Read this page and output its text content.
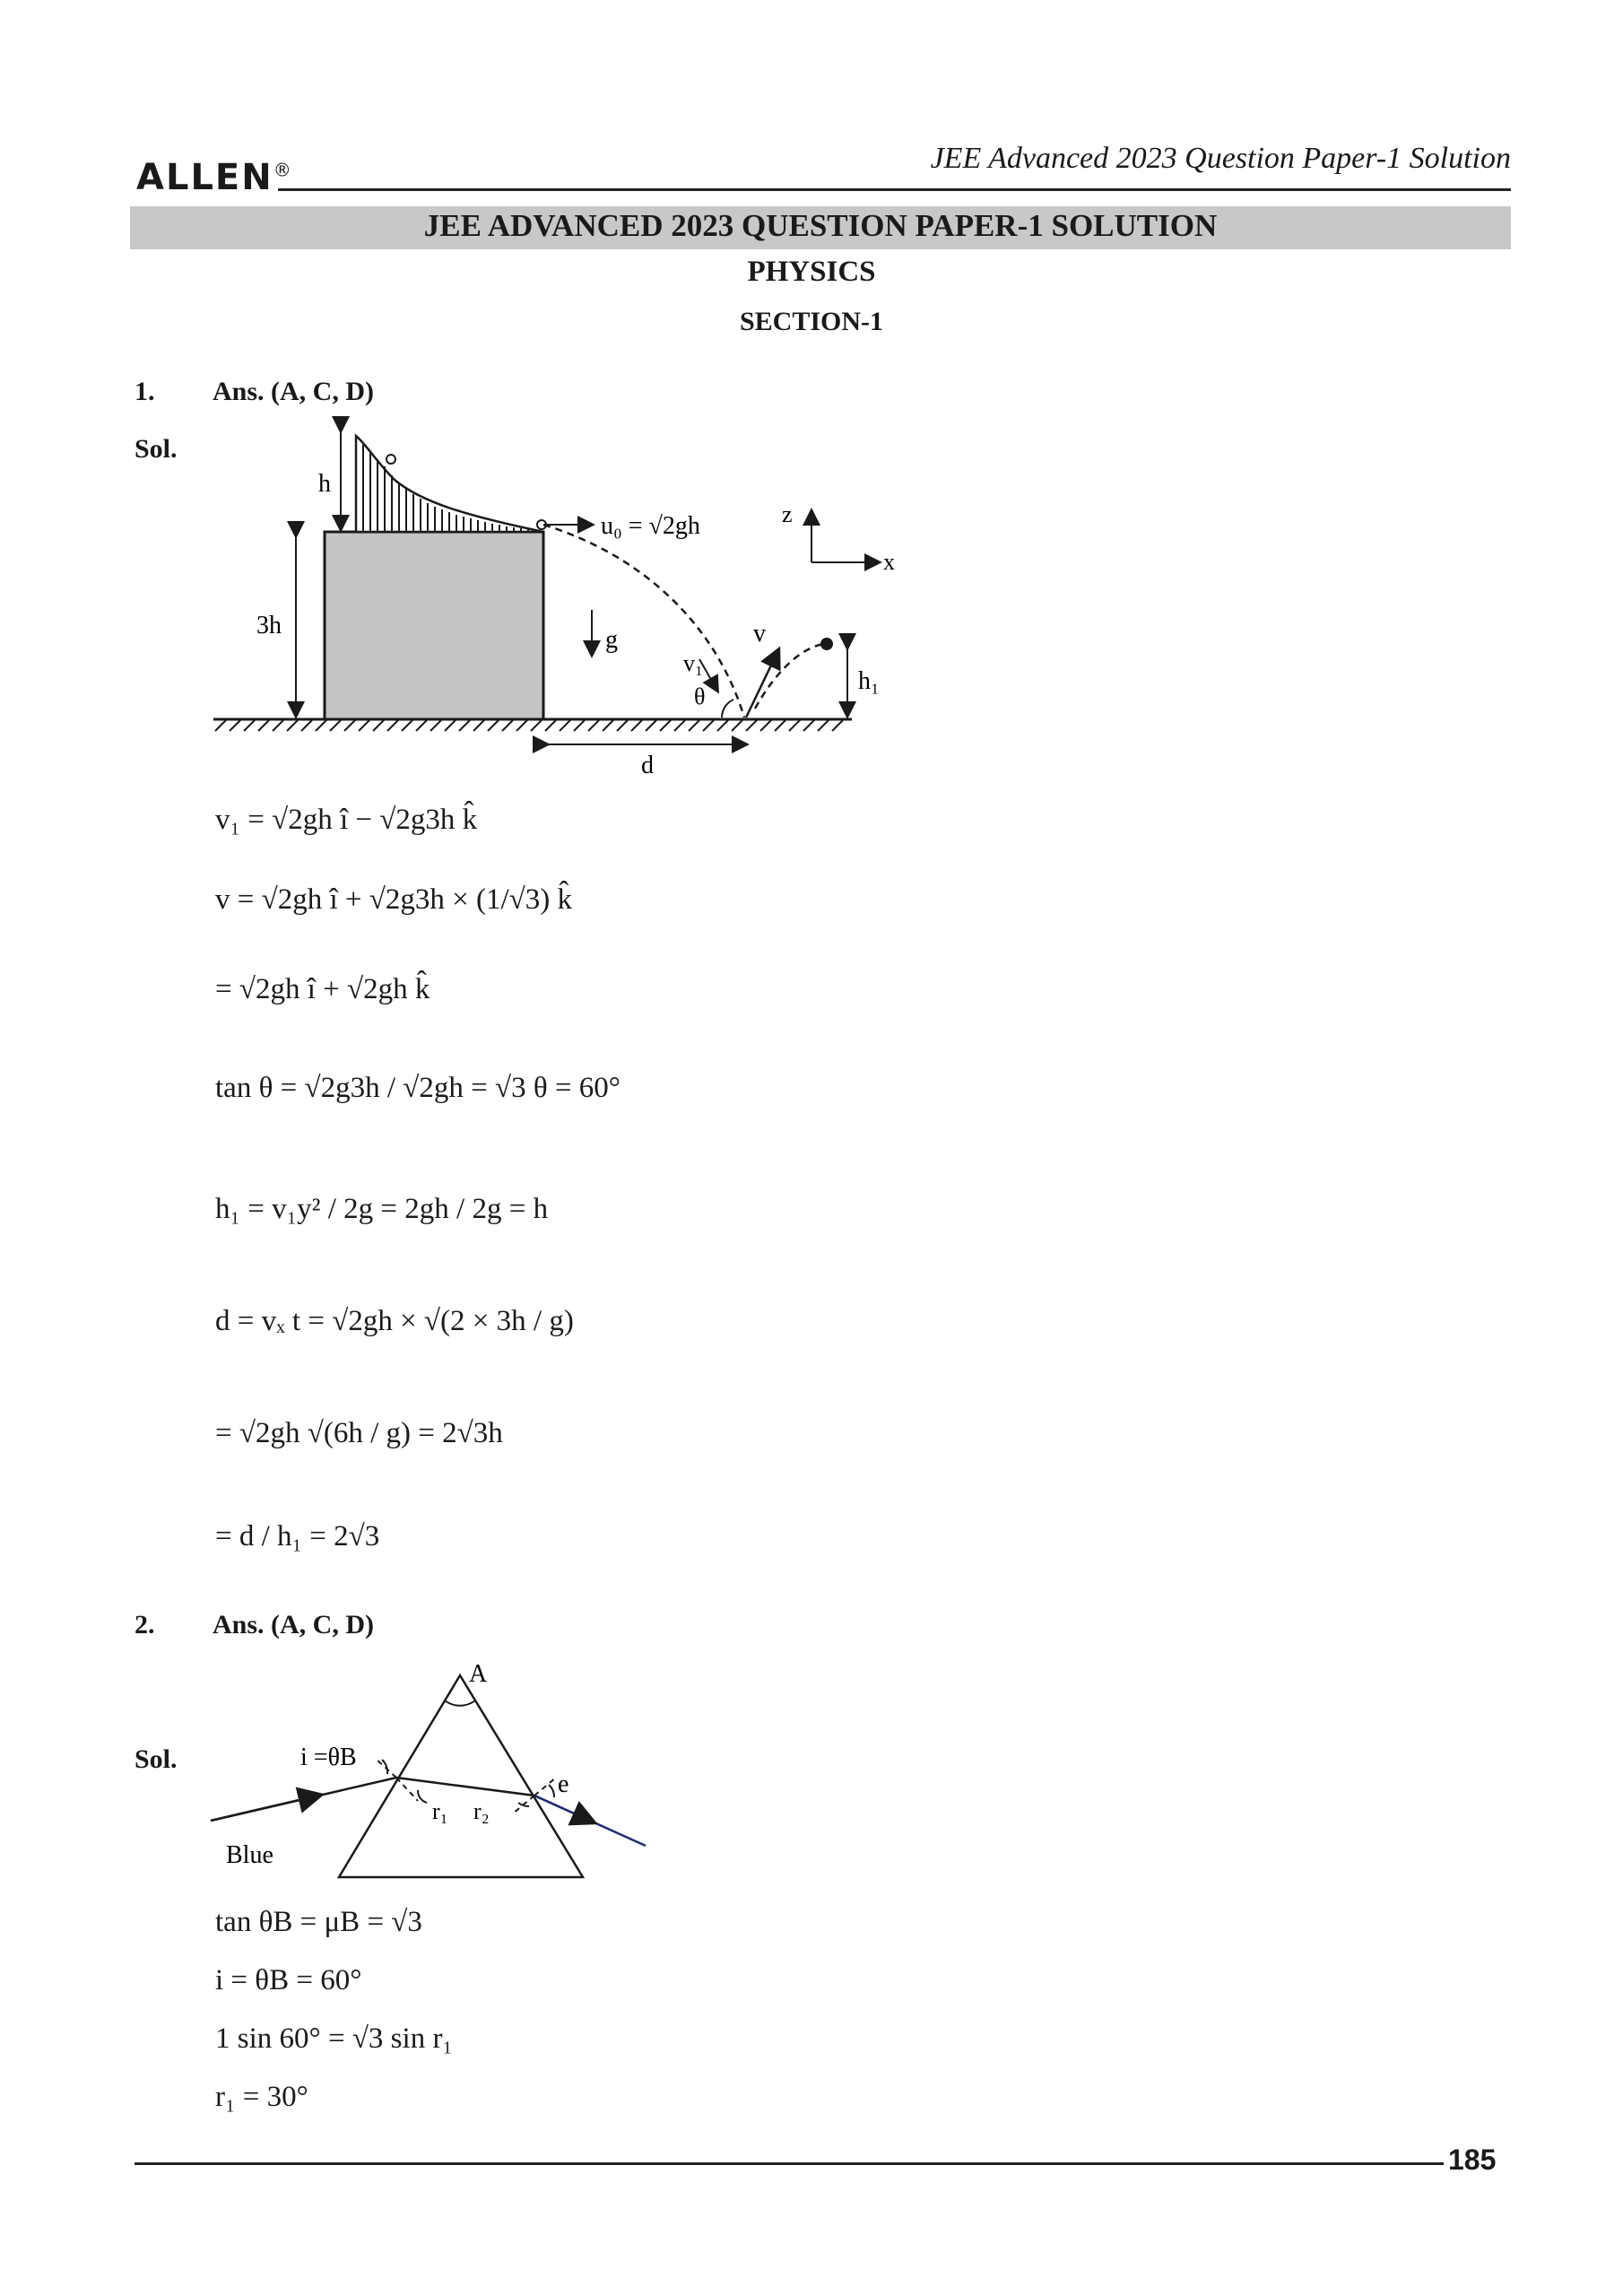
ALLEN®	JEE Advanced 2023 Question Paper-1 Solution
JEE ADVANCED 2023 QUESTION PAPER-1 SOLUTION
PHYSICS
SECTION-1
1. Ans. (A, C, D)
Sol.
h
3h
u₀ = √2gh
g
v₁
θ
v
h₁
d
z
x
v₁ = √2gh î − √2g3h k̂
v = √2gh î + √2g3h × (1/√3) k̂
= √2gh î + √2gh k̂
tan θ = √2g3h / √2gh = √3 θ = 60°
h₁ = v₁y² / 2g = 2gh / 2g = h
d = vₓ t = √2gh × √(2 × 3h / g)
= √2gh √(6h / g) = 2√3h
= d / h₁ = 2√3
2. Ans. (A, C, D)
Sol.
A
i =θB
r₁ r₂
e
Blue
tan θB = μB = √3
i = θB = 60°
1 sin 60° = √3 sin r₁
r₁ = 30°
185
